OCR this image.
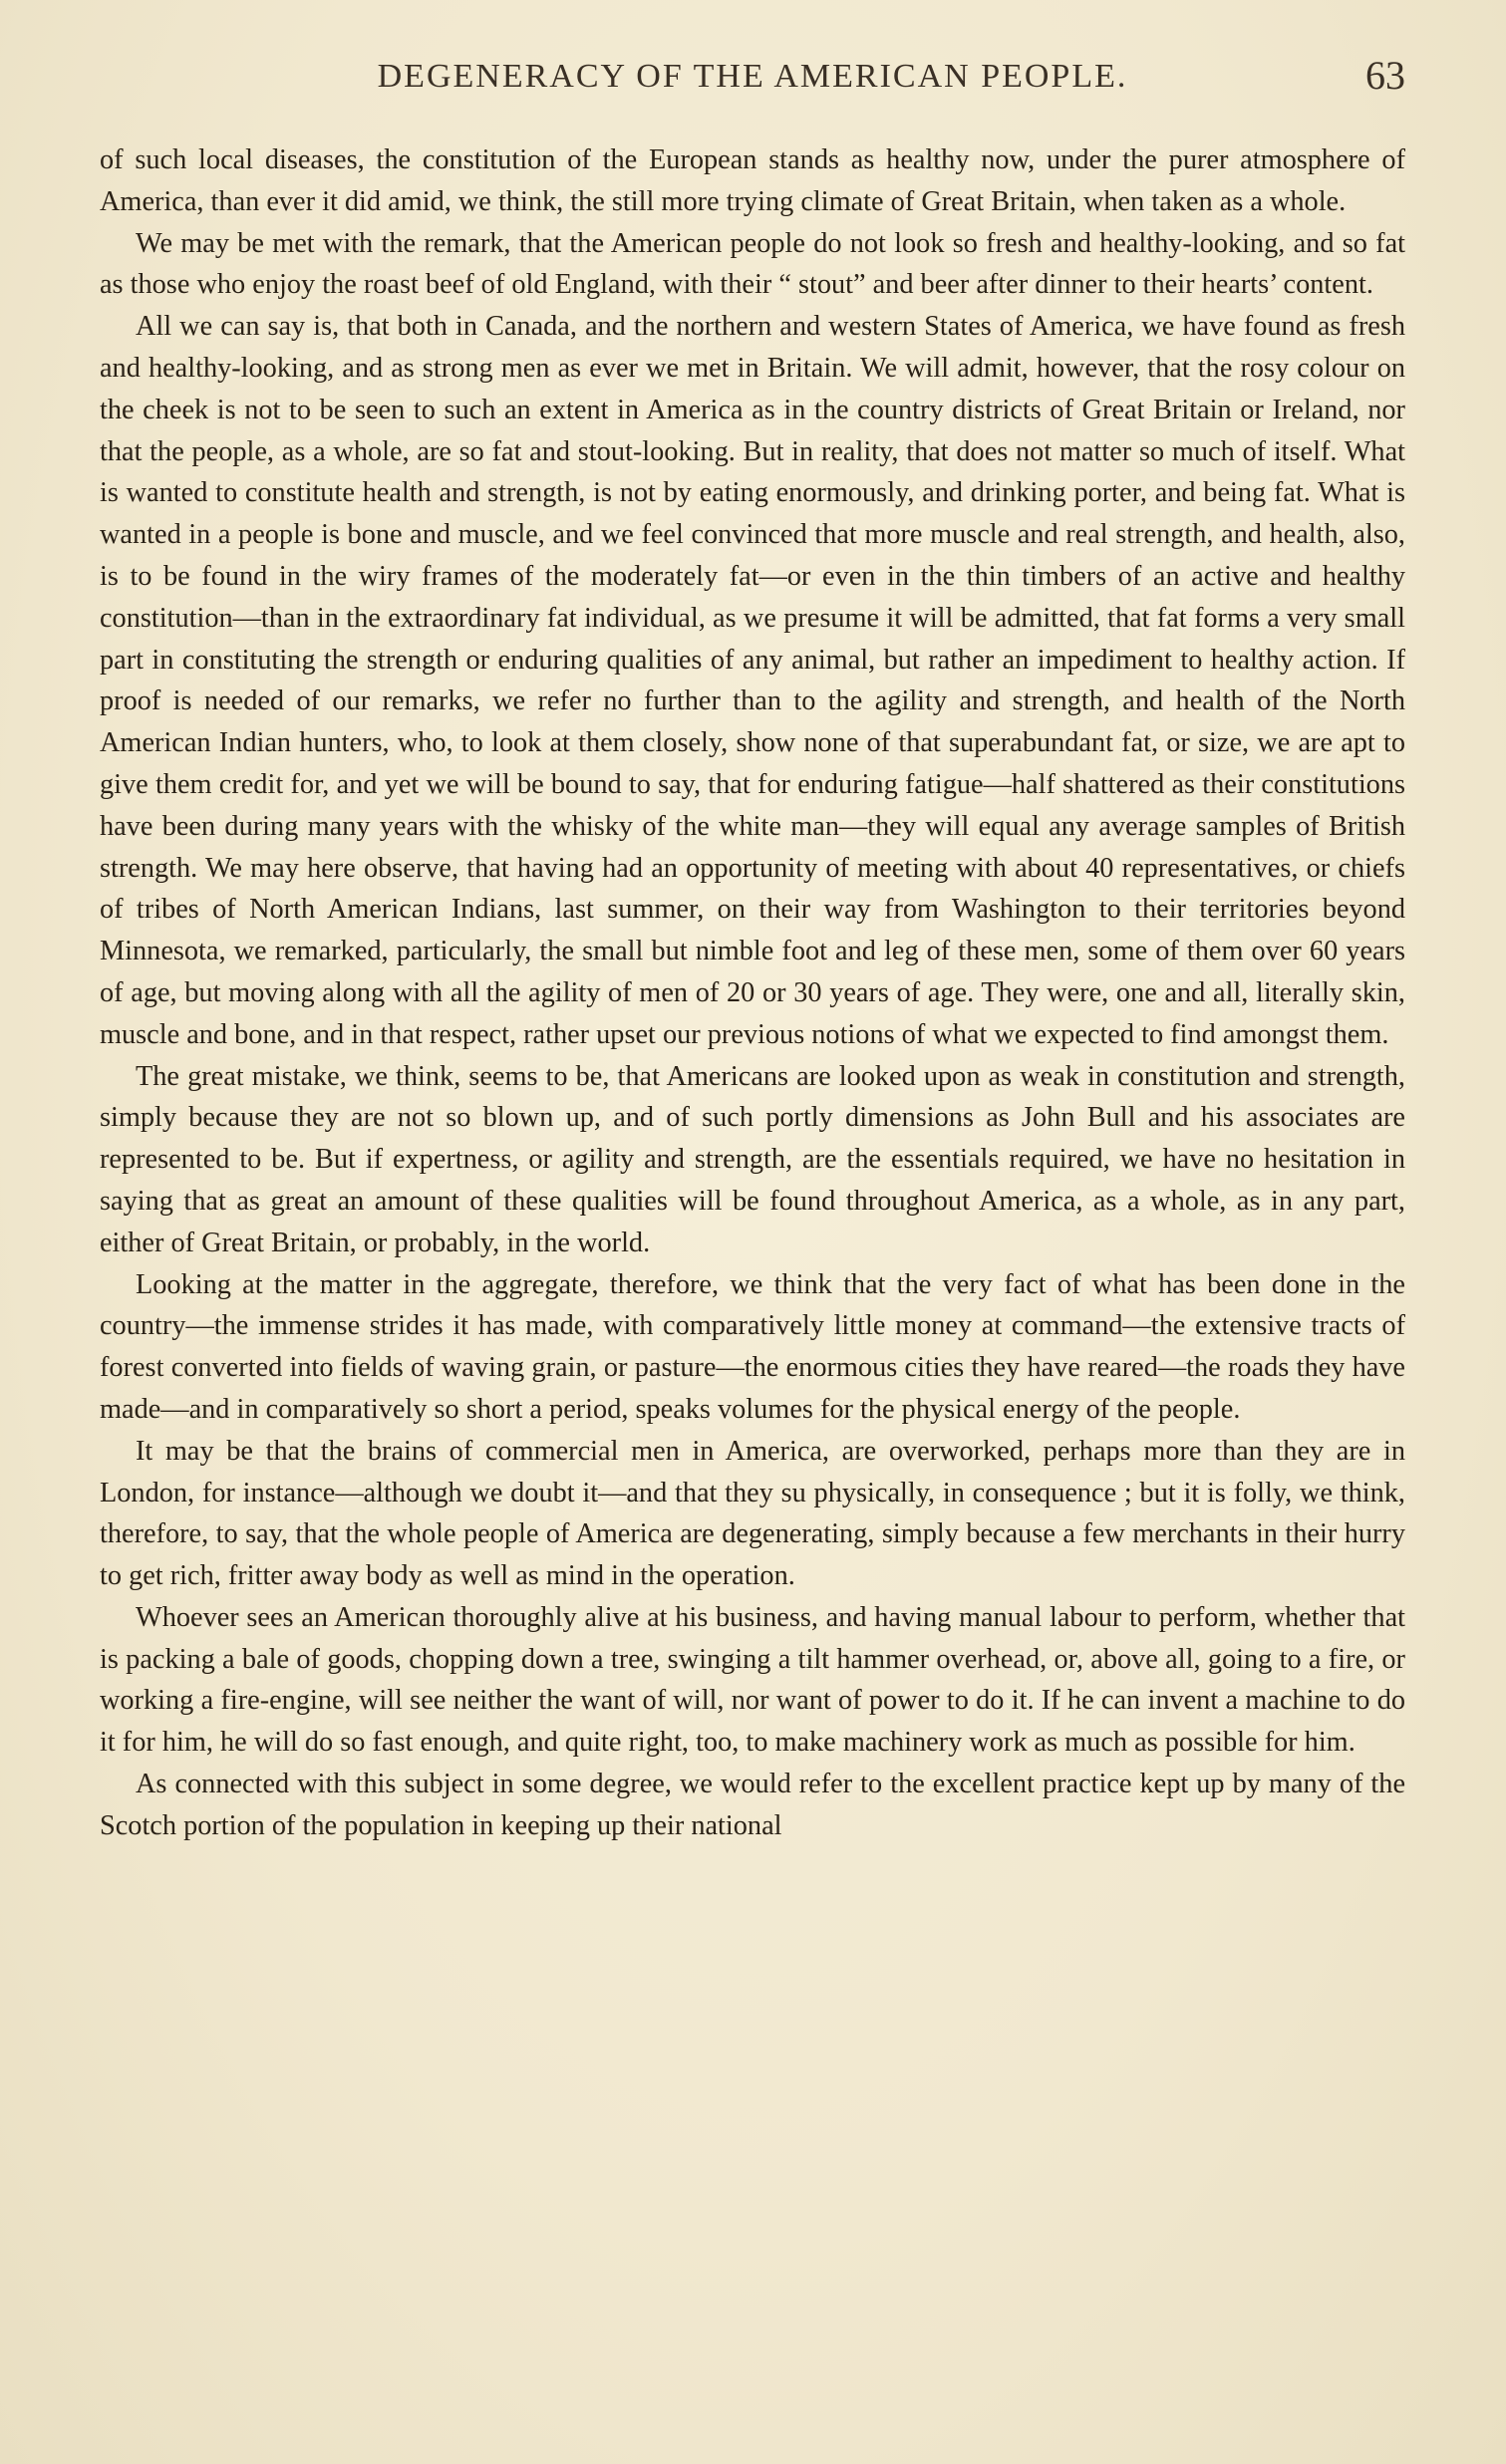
DEGENERACY OF THE AMERICAN PEOPLE.	63

of such local diseases, the constitution of the European stands as healthy now, under the purer atmosphere of America, than ever it did amid, we think, the still more trying climate of Great Britain, when taken as a whole.

We may be met with the remark, that the American people do not look so fresh and healthy-looking, and so fat as those who enjoy the roast beef of old England, with their “ stout” and beer after dinner to their hearts’ content.

All we can say is, that both in Canada, and the northern and western States of America, we have found as fresh and healthy-looking, and as strong men as ever we met in Britain. We will admit, however, that the rosy colour on the cheek is not to be seen to such an extent in America as in the country districts of Great Britain or Ireland, nor that the people, as a whole, are so fat and stout-looking. But in reality, that does not matter so much of itself. What is wanted to constitute health and strength, is not by eating enormously, and drinking porter, and being fat. What is wanted in a people is bone and muscle, and we feel convinced that more muscle and real strength, and health, also, is to be found in the wiry frames of the moderately fat—or even in the thin timbers of an active and healthy constitution—than in the extraordinary fat individual, as we presume it will be admitted, that fat forms a very small part in constituting the strength or enduring qualities of any animal, but rather an impediment to healthy action. If proof is needed of our remarks, we refer no further than to the agility and strength, and health of the North American Indian hunters, who, to look at them closely, show none of that superabundant fat, or size, we are apt to give them credit for, and yet we will be bound to say, that for enduring fatigue—half shattered as their constitutions have been during many years with the whisky of the white man—they will equal any average samples of British strength. We may here observe, that having had an opportunity of meeting with about 40 representatives, or chiefs of tribes of North American Indians, last summer, on their way from Washington to their territories beyond Minnesota, we remarked, particularly, the small but nimble foot and leg of these men, some of them over 60 years of age, but moving along with all the agility of men of 20 or 30 years of age. They were, one and all, literally skin, muscle and bone, and in that respect, rather upset our previous notions of what we expected to find amongst them.

The great mistake, we think, seems to be, that Americans are looked upon as weak in constitution and strength, simply because they are not so blown up, and of such portly dimensions as John Bull and his associates are represented to be. But if expertness, or agility and strength, are the essentials required, we have no hesitation in saying that as great an amount of these qualities will be found throughout America, as a whole, as in any part, either of Great Britain, or probably, in the world.

Looking at the matter in the aggregate, therefore, we think that the very fact of what has been done in the country—the immense strides it has made, with comparatively little money at command—the extensive tracts of forest converted into fields of waving grain, or pasture—the enormous cities they have reared—the roads they have made—and in comparatively so short a period, speaks volumes for the physical energy of the people.

It may be that the brains of commercial men in America, are overworked, perhaps more than they are in London, for instance—although we doubt it—and that they su physically, in consequence ; but it is folly, we think, therefore, to say, that the whole people of America are degenerating, simply because a few merchants in their hurry to get rich, fritter away body as well as mind in the operation.

Whoever sees an American thoroughly alive at his business, and having manual labour to perform, whether that is packing a bale of goods, chopping down a tree, swinging a tilt hammer overhead, or, above all, going to a fire, or working a fire-engine, will see neither the want of will, nor want of power to do it. If he can invent a machine to do it for him, he will do so fast enough, and quite right, too, to make machinery work as much as possible for him.

As connected with this subject in some degree, we would refer to the excellent practice kept up by many of the Scotch portion of the population in keeping up their national
